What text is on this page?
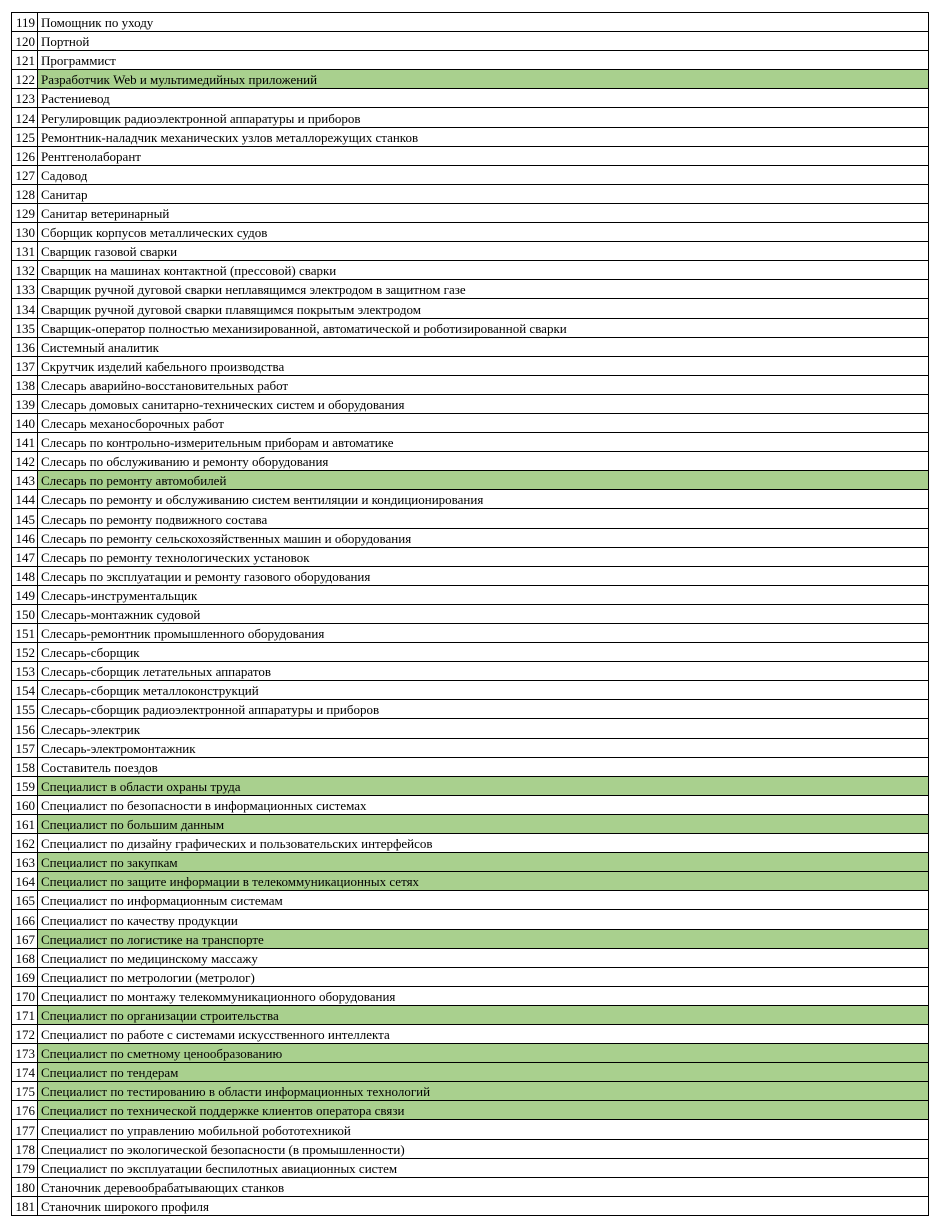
119	Помощник по уходу
120	Портной
121	Программист
122	Разработчик Web и мультимедийных приложений
123	Растениевод
124	Регулировщик радиоэлектронной аппаратуры и приборов
125	Ремонтник-наладчик механических узлов металлорежущих станков
126	Рентгенолаборант
127	Садовод
128	Санитар
129	Санитар ветеринарный
130	Сборщик корпусов металлических судов
131	Сварщик газовой сварки
132	Сварщик на машинах контактной (прессовой) сварки
133	Сварщик ручной дуговой сварки неплавящимся электродом в защитном газе
134	Сварщик ручной дуговой сварки плавящимся покрытым электродом
135	Сварщик-оператор полностью механизированной, автоматической и роботизированной сварки
136	Системный аналитик
137	Скрутчик изделий кабельного производства
138	Слесарь аварийно-восстановительных работ
139	Слесарь домовых санитарно-технических систем и оборудования
140	Слесарь механосборочных работ
141	Слесарь по контрольно-измерительным приборам и автоматике
142	Слесарь по обслуживанию и ремонту оборудования
143	Слесарь по ремонту автомобилей
144	Слесарь по ремонту и обслуживанию систем вентиляции и кондиционирования
145	Слесарь по ремонту подвижного состава
146	Слесарь по ремонту сельскохозяйственных машин и оборудования
147	Слесарь по ремонту технологических установок
148	Слесарь по эксплуатации и ремонту газового оборудования
149	Слесарь-инструментальщик
150	Слесарь-монтажник судовой
151	Слесарь-ремонтник промышленного оборудования
152	Слесарь-сборщик
153	Слесарь-сборщик летательных аппаратов
154	Слесарь-сборщик металлоконструкций
155	Слесарь-сборщик радиоэлектронной аппаратуры и приборов
156	Слесарь-электрик
157	Слесарь-электромонтажник
158	Составитель поездов
159	Специалист в области охраны труда
160	Специалист по безопасности в информационных системах
161	Специалист по большим данным
162	Специалист по дизайну графических и пользовательских интерфейсов
163	Специалист по закупкам
164	Специалист по защите информации в телекоммуникационных сетях
165	Специалист по информационным системам
166	Специалист по качеству продукции
167	Специалист по логистике на транспорте
168	Специалист по медицинскому массажу
169	Специалист по метрологии (метролог)
170	Специалист по монтажу телекоммуникационного оборудования
171	Специалист по организации строительства
172	Специалист по работе с системами искусственного интеллекта
173	Специалист по сметному ценообразованию
174	Специалист по тендерам
175	Специалист по тестированию в области информационных технологий
176	Специалист по технической поддержке клиентов оператора связи
177	Специалист по управлению мобильной робототехникой
178	Специалист по экологической безопасности (в промышленности)
179	Специалист по эксплуатации беспилотных авиационных систем
180	Станочник деревообрабатывающих станков
181	Станочник широкого профиля
